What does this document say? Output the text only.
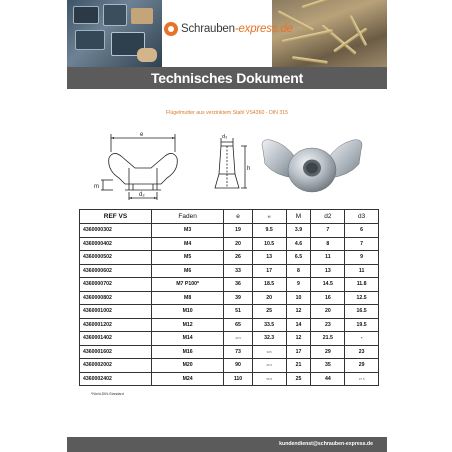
Schrauben-express.de
Technisches Dokument
Flügelmutter aus verzinktem Stahl VS4360 - DIN 315
e
m
d₂
d₃
h
REF VS	Faden	e	H	M	d2	d3
4360000302	M3	19	9.5	3.9	7	6
4360000402	M4	20	10.5	4.6	8	7
4360000502	M5	26	13	6.5	11	9
4360000602	M6	33	17	8	13	11
4360000702	M7 P100*	36	18.5	9	14.5	11.8
4360000802	M8	39	20	10	16	12.5
4360001002	M10	51	25	12	20	16.5
4360001202	M12	65	33.5	14	23	19.5
4360001402	M14	43.5	32.3	12	21.5	-
4360001602	M16	73	305	17	29	23
4360002002	M20	90	46.5	21	35	29
4360002402	M24	110	56.8	25	44	37.5
*Nicht-DIN-Standard
kundendienst@schrauben-express.de
